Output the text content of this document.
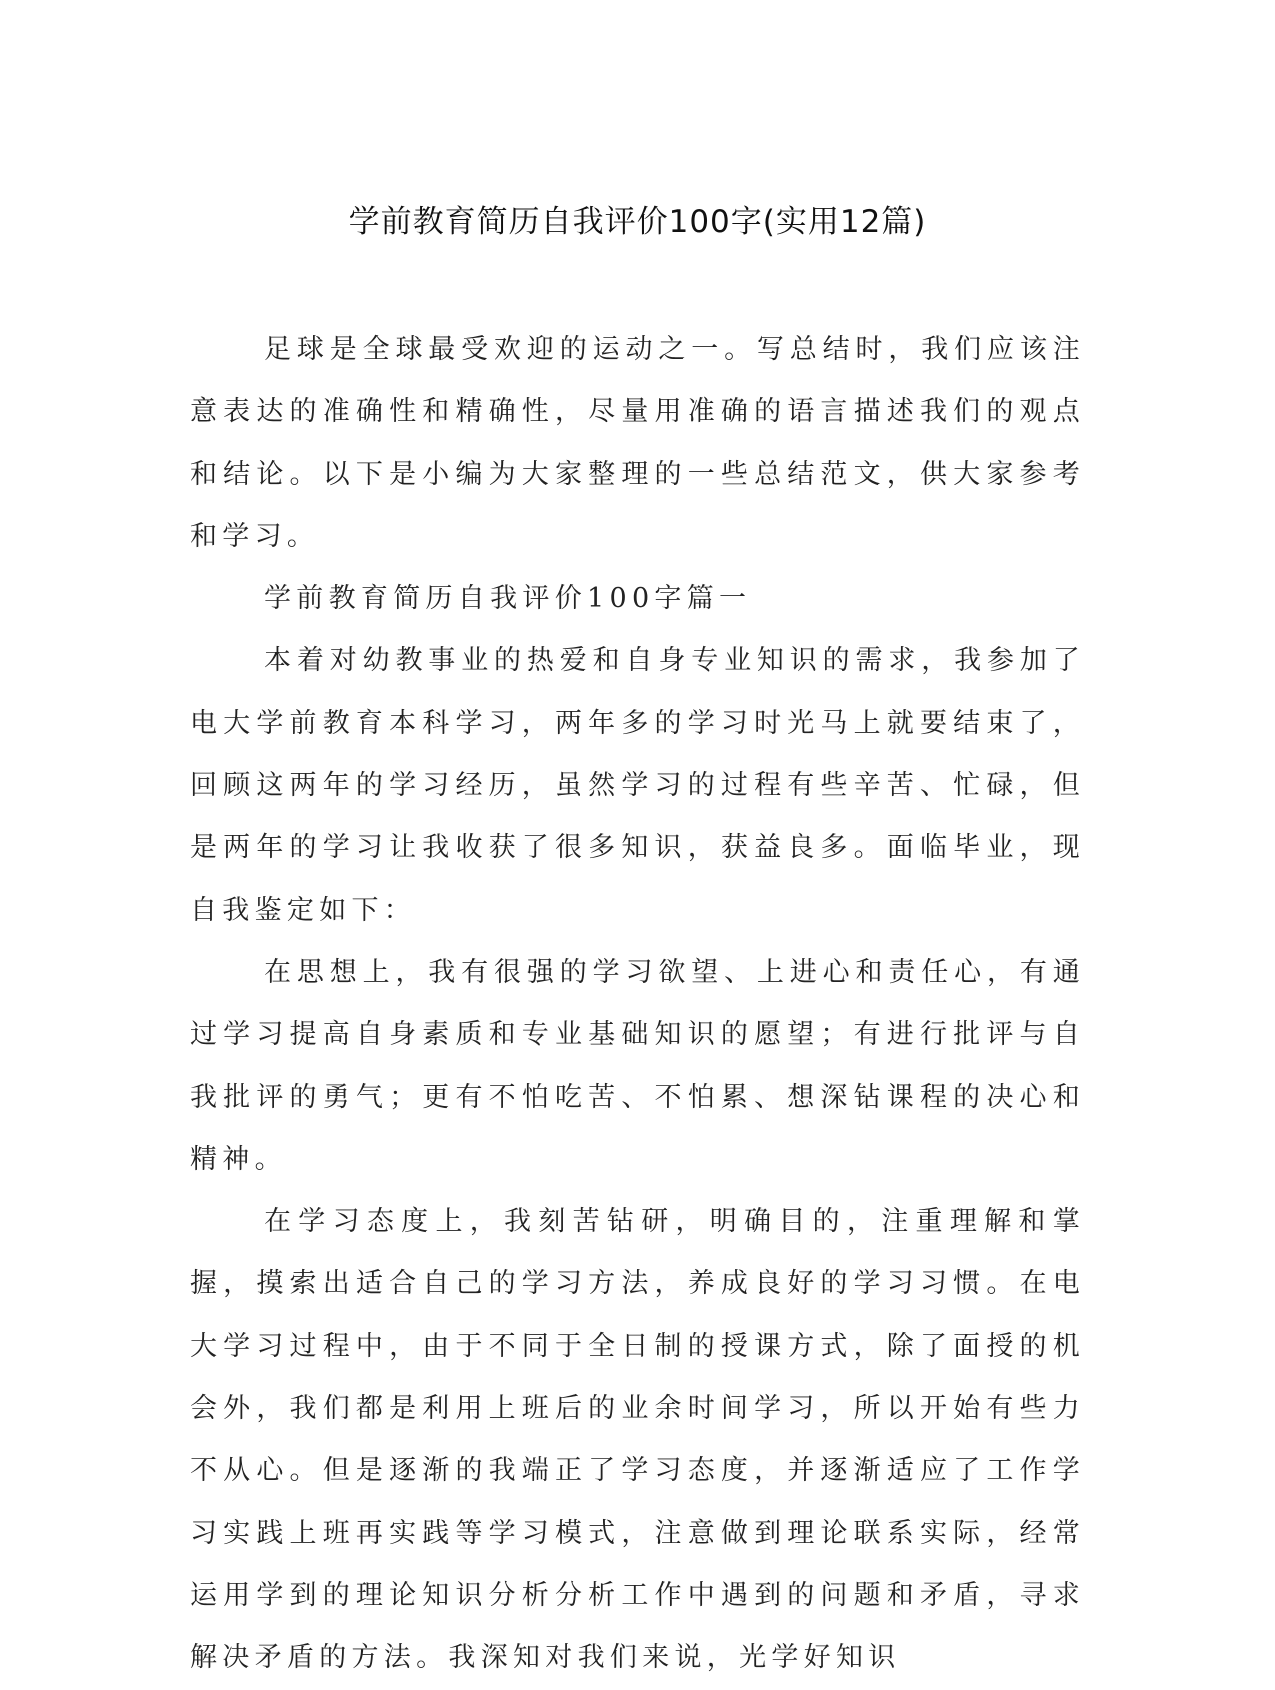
学前教育简历自我评价100字(实用12篇)

足球是全球最受欢迎的运动之一。写总结时，我们应该注意表达的准确性和精确性，尽量用准确的语言描述我们的观点和结论。以下是小编为大家整理的一些总结范文，供大家参考和学习。

学前教育简历自我评价100字篇一

本着对幼教事业的热爱和自身专业知识的需求，我参加了电大学前教育本科学习，两年多的学习时光马上就要结束了，回顾这两年的学习经历，虽然学习的过程有些辛苦、忙碌，但是两年的学习让我收获了很多知识，获益良多。面临毕业，现自我鉴定如下：

在思想上，我有很强的学习欲望、上进心和责任心，有通过学习提高自身素质和专业基础知识的愿望；有进行批评与自我批评的勇气；更有不怕吃苦、不怕累、想深钻课程的决心和精神。

在学习态度上，我刻苦钻研，明确目的，注重理解和掌握，摸索出适合自己的学习方法，养成良好的学习习惯。在电大学习过程中，由于不同于全日制的授课方式，除了面授的机会外，我们都是利用上班后的业余时间学习，所以开始有些力不从心。但是逐渐的我端正了学习态度，并逐渐适应了工作学习实践上班再实践等学习模式，注意做到理论联系实际，经常运用学到的理论知识分析分析工作中遇到的问题和矛盾，寻求解决矛盾的方法。我深知对我们来说，光学好知识
